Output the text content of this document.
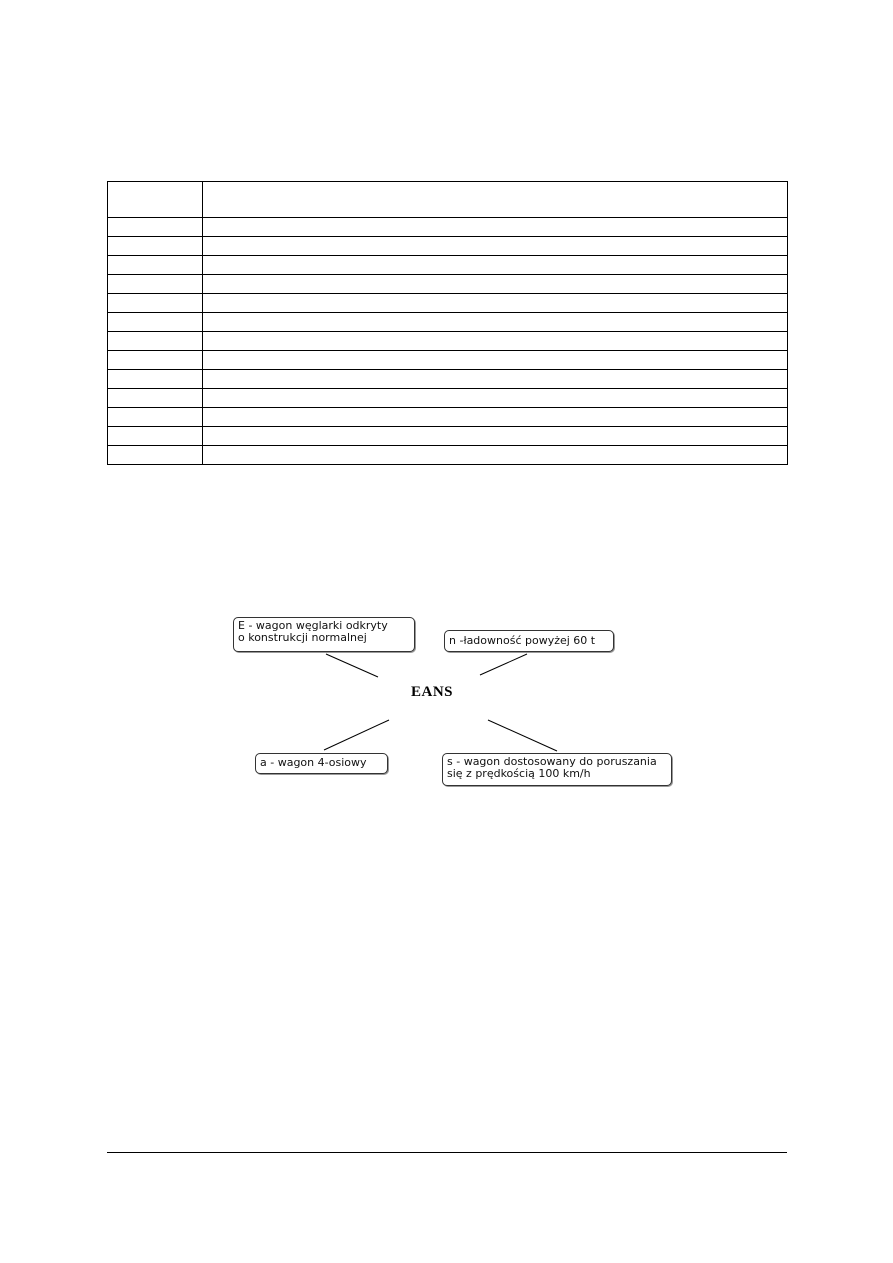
EANS
E - wagon węglarki odkryty
o konstrukcji normalnej	n -ładowność powyżej 60 t
a - wagon 4-osiowy	s - wagon dostosowany do poruszania
się z prędkością 100 km/h
